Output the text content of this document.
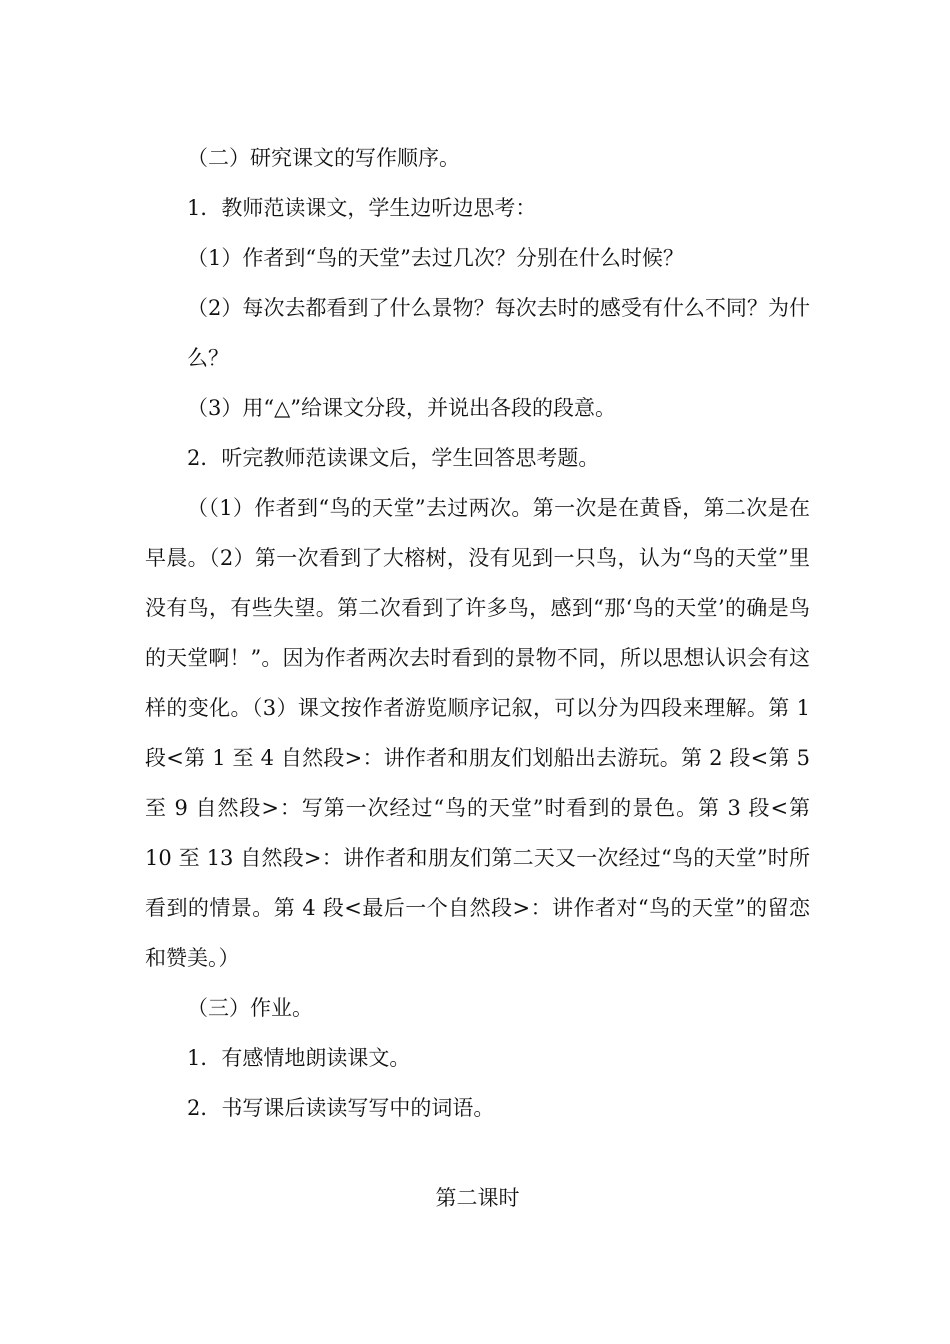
（二）研究课文的写作顺序。

1．教师范读课文，学生边听边思考：

（1）作者到“鸟的天堂”去过几次？分别在什么时候？

（2）每次去都看到了什么景物？每次去时的感受有什么不同？为什么？

（3）用“△”给课文分段，并说出各段的段意。

2．听完教师范读课文后，学生回答思考题。

（（1）作者到“鸟的天堂”去过两次。第一次是在黄昏，第二次是在早晨。（2）第一次看到了大榕树，没有见到一只鸟，认为“鸟的天堂”里没有鸟，有些失望。第二次看到了许多鸟，感到“那‘鸟的天堂’的确是鸟的天堂啊！”。因为作者两次去时看到的景物不同，所以思想认识会有这样的变化。（3）课文按作者游览顺序记叙，可以分为四段来理解。第 1 段<第 1 至 4 自然段>：讲作者和朋友们划船出去游玩。第 2 段<第 5 至 9 自然段>：写第一次经过“鸟的天堂”时看到的景色。第 3 段<第 10 至 13 自然段>：讲作者和朋友们第二天又一次经过“鸟的天堂”时所看到的情景。第 4 段<最后一个自然段>：讲作者对“鸟的天堂”的留恋和赞美。）

（三）作业。

1．有感情地朗读课文。

2．书写课后读读写写中的词语。

第二课时
